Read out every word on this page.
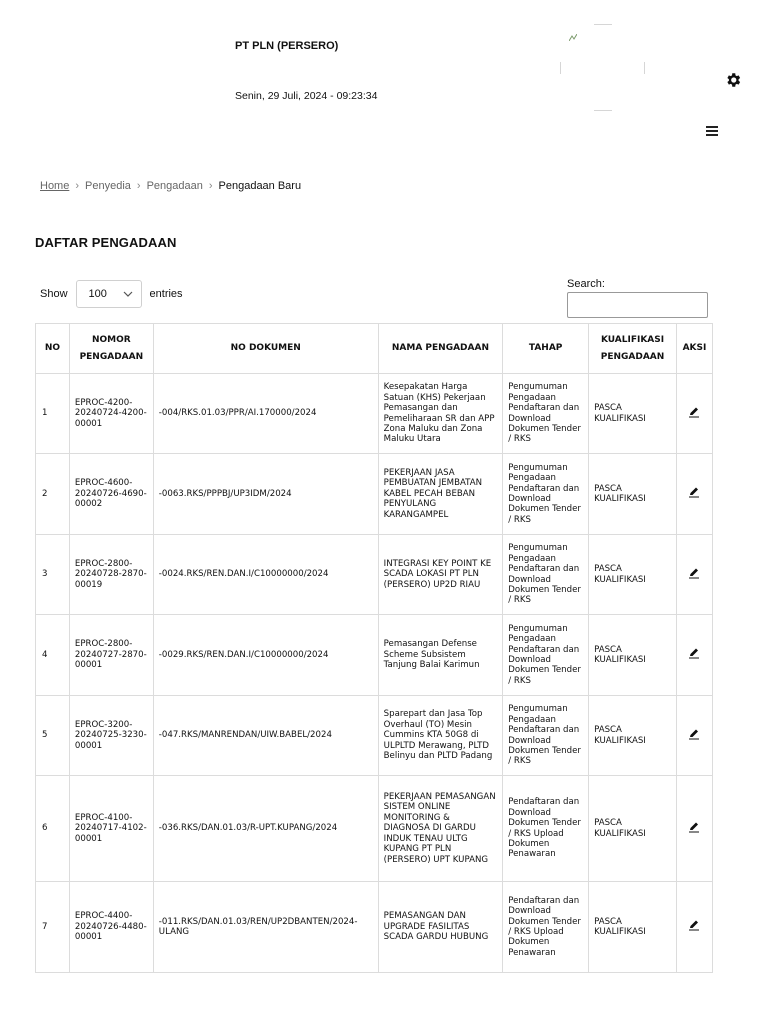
PT PLN (PERSERO)
Senin, 29 Juli, 2024 - 09:23:34
Home › Penyedia › Pengadaan › Pengadaan Baru
DAFTAR PENGADAAN
Show 100	entries
Search:
NO	NOMOR PENGADAAN	NO DOKUMEN	NAMA PENGADAAN	TAHAP	KUALIFIKASI PENGADAAN	AKSI
1	EPROC-4200-20240724-4200-00001	-004/RKS.01.03/PPR/AI.170000/2024	Kesepakatan Harga Satuan (KHS) Pekerjaan Pemasangan dan Pemeliharaan SR dan APP Zona Maluku dan Zona Maluku Utara	Pengumuman Pengadaan Pendaftaran dan Download Dokumen Tender / RKS	PASCA KUALIFIKASI	
2	EPROC-4600-20240726-4690-00002	-0063.RKS/PPPBJ/UP3IDM/2024	PEKERJAAN JASA PEMBUATAN JEMBATAN KABEL PECAH BEBAN PENYULANG KARANGAMPEL	Pengumuman Pengadaan Pendaftaran dan Download Dokumen Tender / RKS	PASCA KUALIFIKASI	
3	EPROC-2800-20240728-2870-00019	-0024.RKS/REN.DAN.I/C10000000/2024	INTEGRASI KEY POINT KE SCADA LOKASI PT PLN (PERSERO) UP2D RIAU	Pengumuman Pengadaan Pendaftaran dan Download Dokumen Tender / RKS	PASCA KUALIFIKASI	
4	EPROC-2800-20240727-2870-00001	-0029.RKS/REN.DAN.I/C10000000/2024	Pemasangan Defense Scheme Subsistem Tanjung Balai Karimun	Pengumuman Pengadaan Pendaftaran dan Download Dokumen Tender / RKS	PASCA KUALIFIKASI	
5	EPROC-3200-20240725-3230-00001	-047.RKS/MANRENDAN/UIW.BABEL/2024	Sparepart dan Jasa Top Overhaul (TO) Mesin Cummins KTA 50G8 di ULPLTD Merawang, PLTD Belinyu dan PLTD Padang	Pengumuman Pengadaan Pendaftaran dan Download Dokumen Tender / RKS	PASCA KUALIFIKASI	
6	EPROC-4100-20240717-4102-00001	-036.RKS/DAN.01.03/R-UPT.KUPANG/2024	PEKERJAAN PEMASANGAN SISTEM ONLINE MONITORING & DIAGNOSA DI GARDU INDUK TENAU ULTG KUPANG PT PLN (PERSERO) UPT KUPANG	Pendaftaran dan Download Dokumen Tender / RKS Upload Dokumen Penawaran	PASCA KUALIFIKASI	
7	EPROC-4400-20240726-4480-00001	-011.RKS/DAN.01.03/REN/UP2DBANTEN/2024-ULANG	PEMASANGAN DAN UPGRADE FASILITAS SCADA GARDU HUBUNG	Pendaftaran dan Download Dokumen Tender / RKS Upload Dokumen Penawaran	PASCA KUALIFIKASI	
